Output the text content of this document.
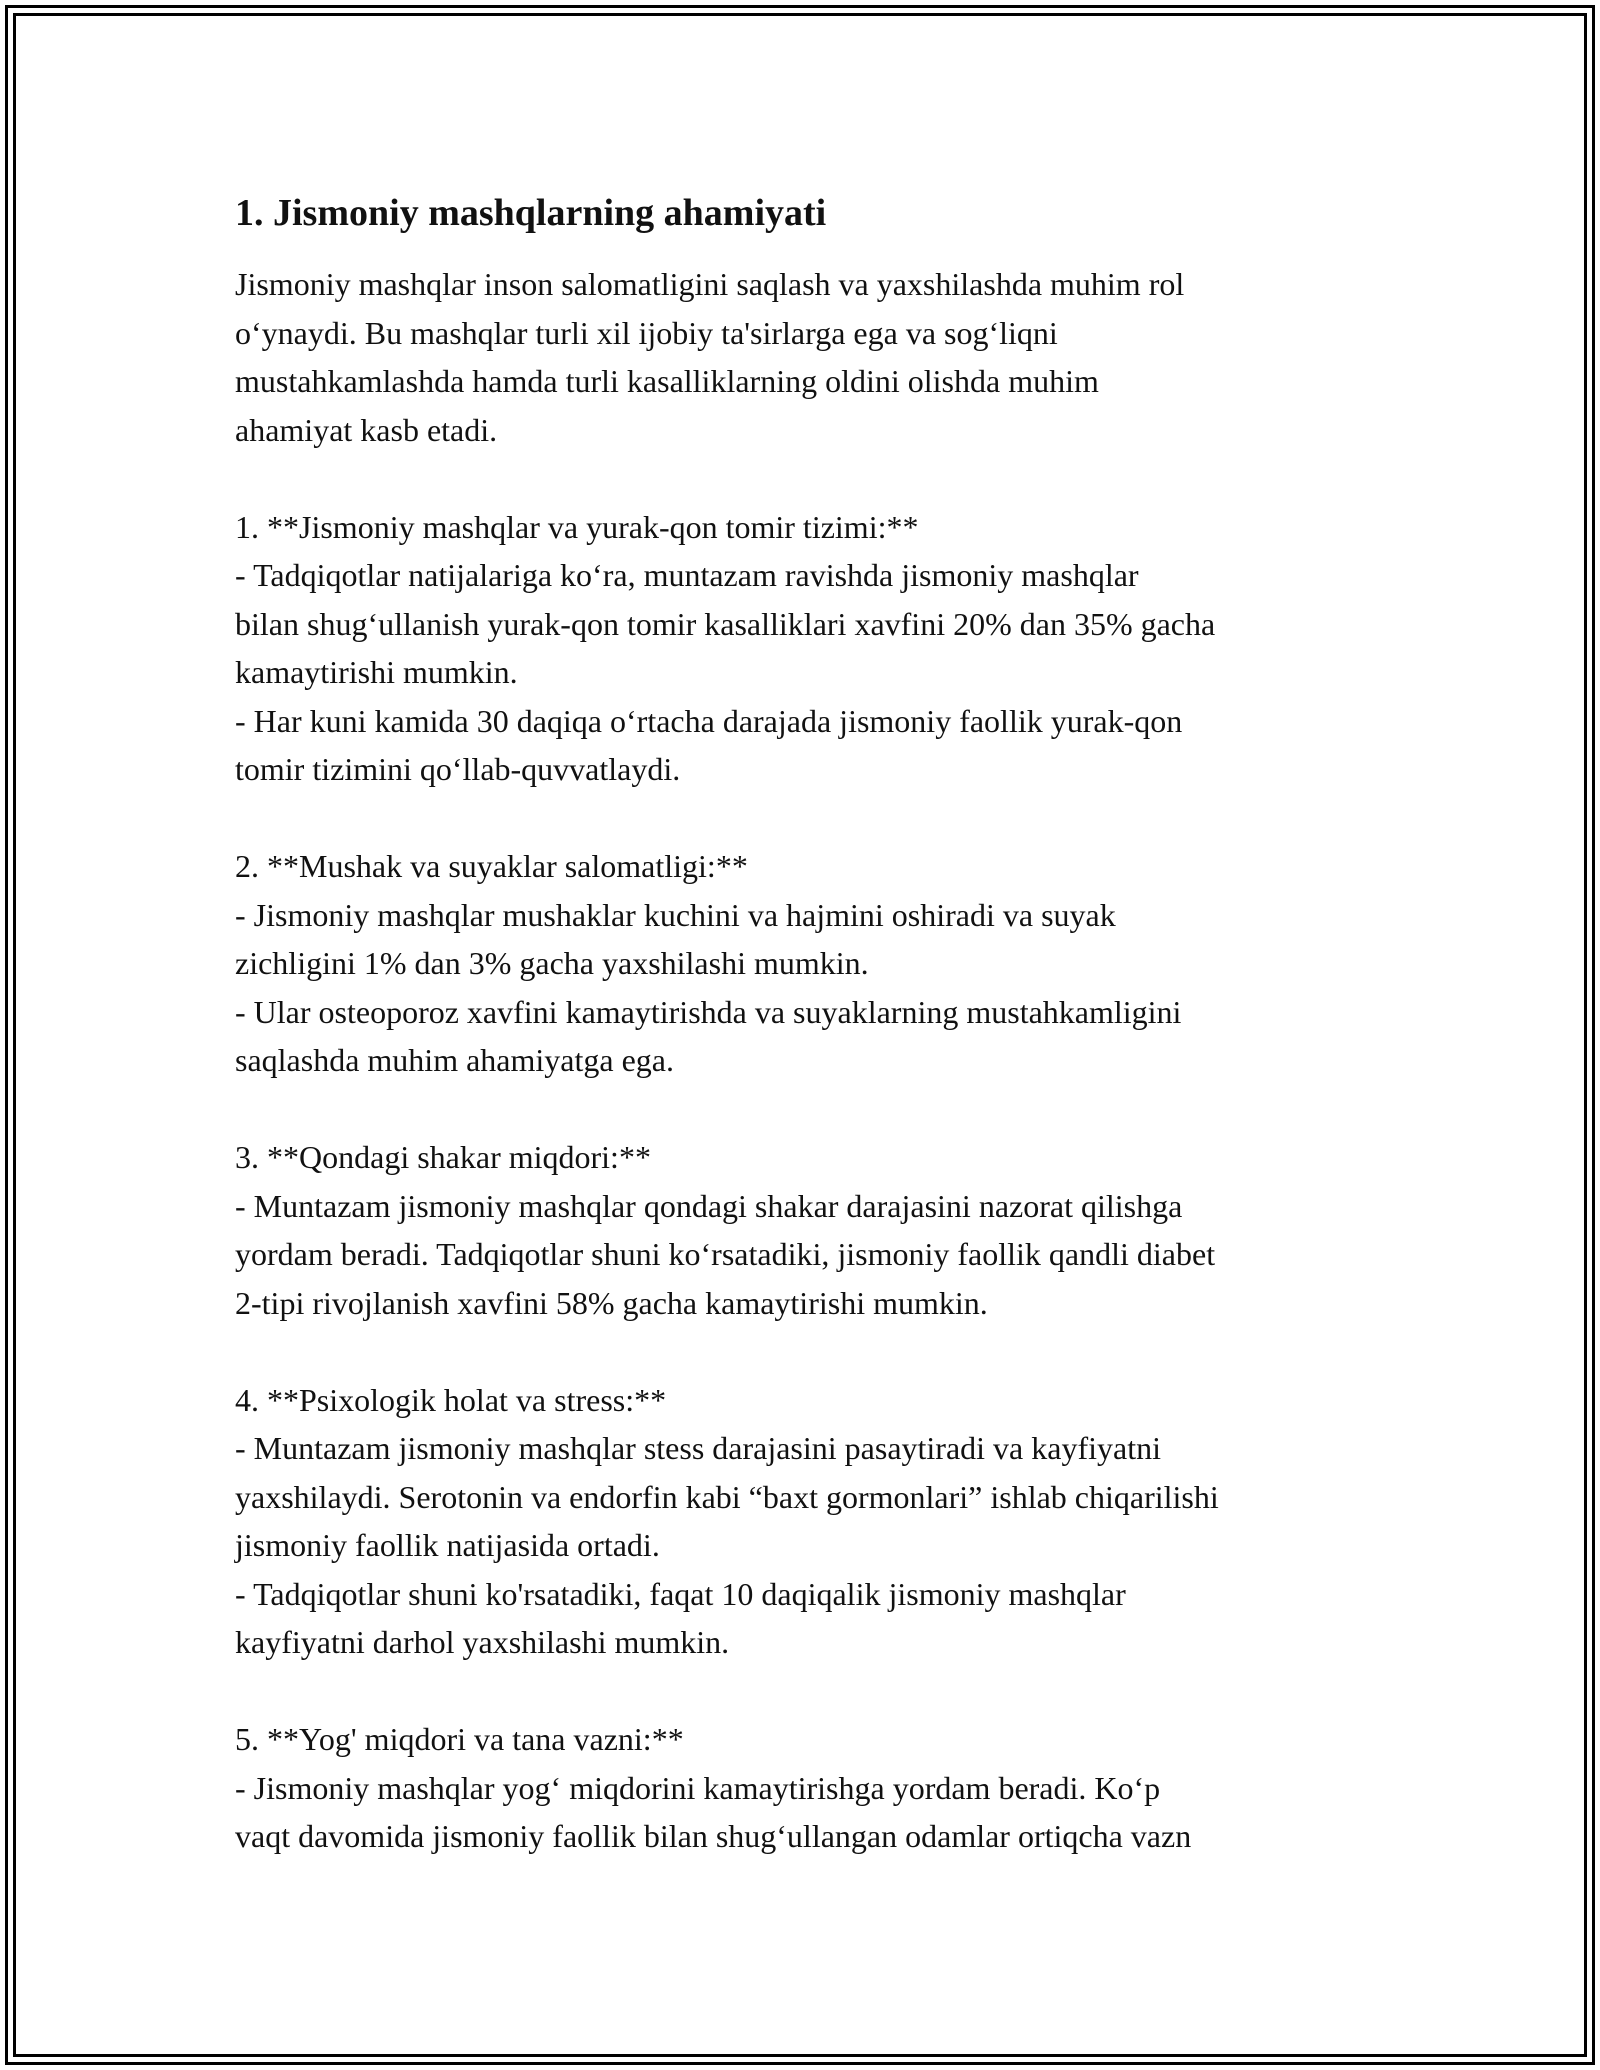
1. Jismoniy mashqlarning ahamiyati

Jismoniy mashqlar inson salomatligini saqlash va yaxshilashda muhim rol
o‘ynaydi. Bu mashqlar turli xil ijobiy ta'sirlarga ega va sog‘liqni
mustahkamlashda hamda turli kasalliklarning oldini olishda muhim
ahamiyat kasb etadi.

1. **Jismoniy mashqlar va yurak-qon tomir tizimi:**
- Tadqiqotlar natijalariga ko‘ra, muntazam ravishda jismoniy mashqlar
bilan shug‘ullanish yurak-qon tomir kasalliklari xavfini 20% dan 35% gacha
kamaytirishi mumkin.
- Har kuni kamida 30 daqiqa o‘rtacha darajada jismoniy faollik yurak-qon
tomir tizimini qo‘llab-quvvatlaydi.

2. **Mushak va suyaklar salomatligi:**
- Jismoniy mashqlar mushaklar kuchini va hajmini oshiradi va suyak
zichligini 1% dan 3% gacha yaxshilashi mumkin.
- Ular osteoporoz xavfini kamaytirishda va suyaklarning mustahkamligini
saqlashda muhim ahamiyatga ega.

3. **Qondagi shakar miqdori:**
- Muntazam jismoniy mashqlar qondagi shakar darajasini nazorat qilishga
yordam beradi. Tadqiqotlar shuni ko‘rsatadiki, jismoniy faollik qandli diabet
2-tipi rivojlanish xavfini 58% gacha kamaytirishi mumkin.

4. **Psixologik holat va stress:**
- Muntazam jismoniy mashqlar stess darajasini pasaytiradi va kayfiyatni
yaxshilaydi. Serotonin va endorfin kabi “baxt gormonlari” ishlab chiqarilishi
jismoniy faollik natijasida ortadi.
- Tadqiqotlar shuni ko'rsatadiki, faqat 10 daqiqalik jismoniy mashqlar
kayfiyatni darhol yaxshilashi mumkin.

5. **Yog' miqdori va tana vazni:**
- Jismoniy mashqlar yog‘ miqdorini kamaytirishga yordam beradi. Ko‘p
vaqt davomida jismoniy faollik bilan shug‘ullangan odamlar ortiqcha vazn
